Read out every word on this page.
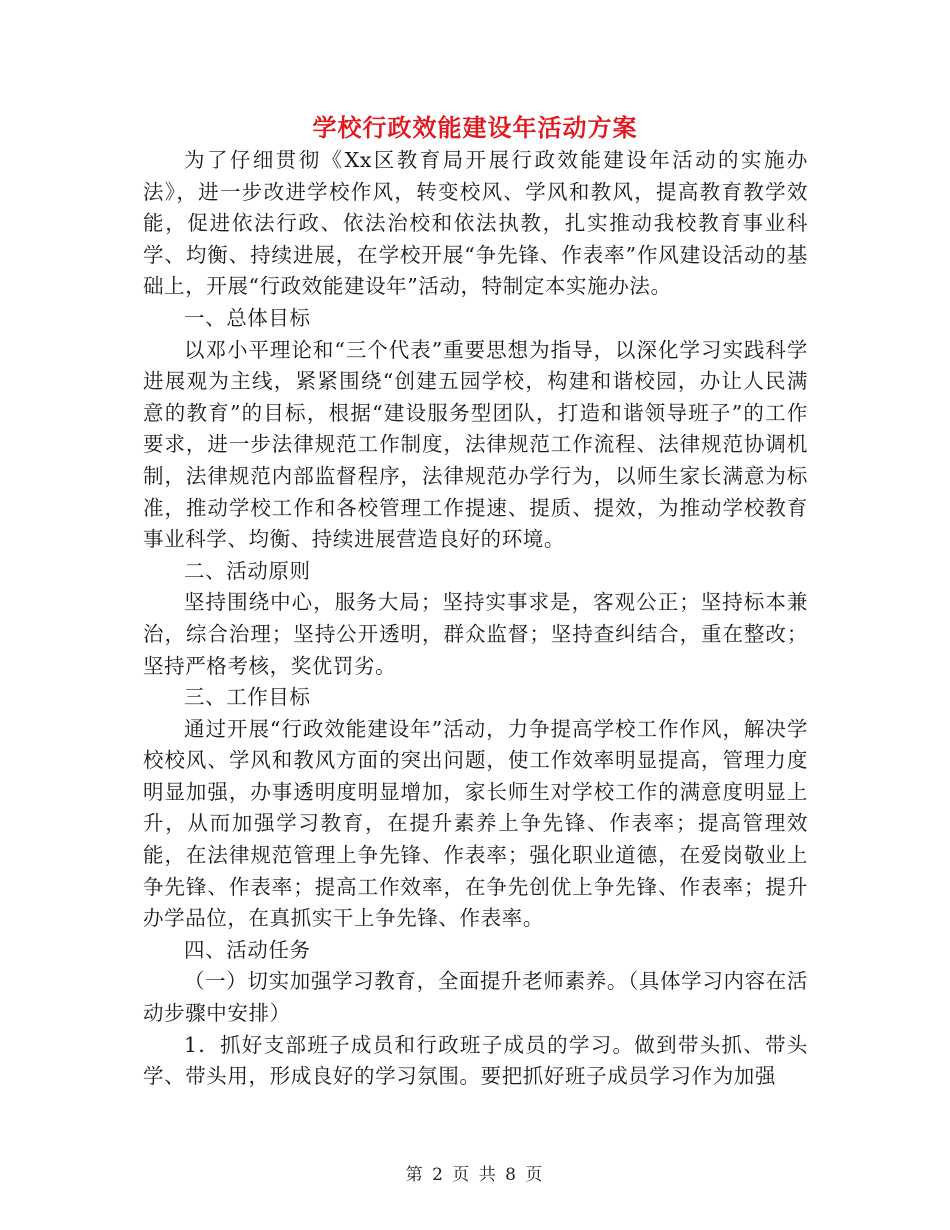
学校行政效能建设年活动方案

为了仔细贯彻《Xx区教育局开展行政效能建设年活动的实施办法》，进一步改进学校作风，转变校风、学风和教风，提高教育教学效能，促进依法行政、依法治校和依法执教，扎实推动我校教育事业科学、均衡、持续进展，在学校开展“争先锋、作表率”作风建设活动的基础上，开展“行政效能建设年”活动，特制定本实施办法。

一、总体目标

以邓小平理论和“三个代表”重要思想为指导，以深化学习实践科学进展观为主线，紧紧围绕“创建五园学校，构建和谐校园，办让人民满意的教育”的目标，根据“建设服务型团队，打造和谐领导班子”的工作要求，进一步法律规范工作制度，法律规范工作流程、法律规范协调机制，法律规范内部监督程序，法律规范办学行为，以师生家长满意为标准，推动学校工作和各校管理工作提速、提质、提效，为推动学校教育事业科学、均衡、持续进展营造良好的环境。

二、活动原则

坚持围绕中心，服务大局；坚持实事求是，客观公正；坚持标本兼治，综合治理；坚持公开透明，群众监督；坚持查纠结合，重在整改；坚持严格考核，奖优罚劣。

三、工作目标

通过开展“行政效能建设年”活动，力争提高学校工作作风，解决学校校风、学风和教风方面的突出问题，使工作效率明显提高，管理力度明显加强，办事透明度明显增加，家长师生对学校工作的满意度明显上升，从而加强学习教育，在提升素养上争先锋、作表率；提高管理效能，在法律规范管理上争先锋、作表率；强化职业道德，在爱岗敬业上争先锋、作表率；提高工作效率，在争先创优上争先锋、作表率；提升办学品位，在真抓实干上争先锋、作表率。

四、活动任务

（一）切实加强学习教育，全面提升老师素养。（具体学习内容在活动步骤中安排）

1．抓好支部班子成员和行政班子成员的学习。做到带头抓、带头学、带头用，形成良好的学习氛围。要把抓好班子成员学习作为加强

第 2 页 共 8 页
